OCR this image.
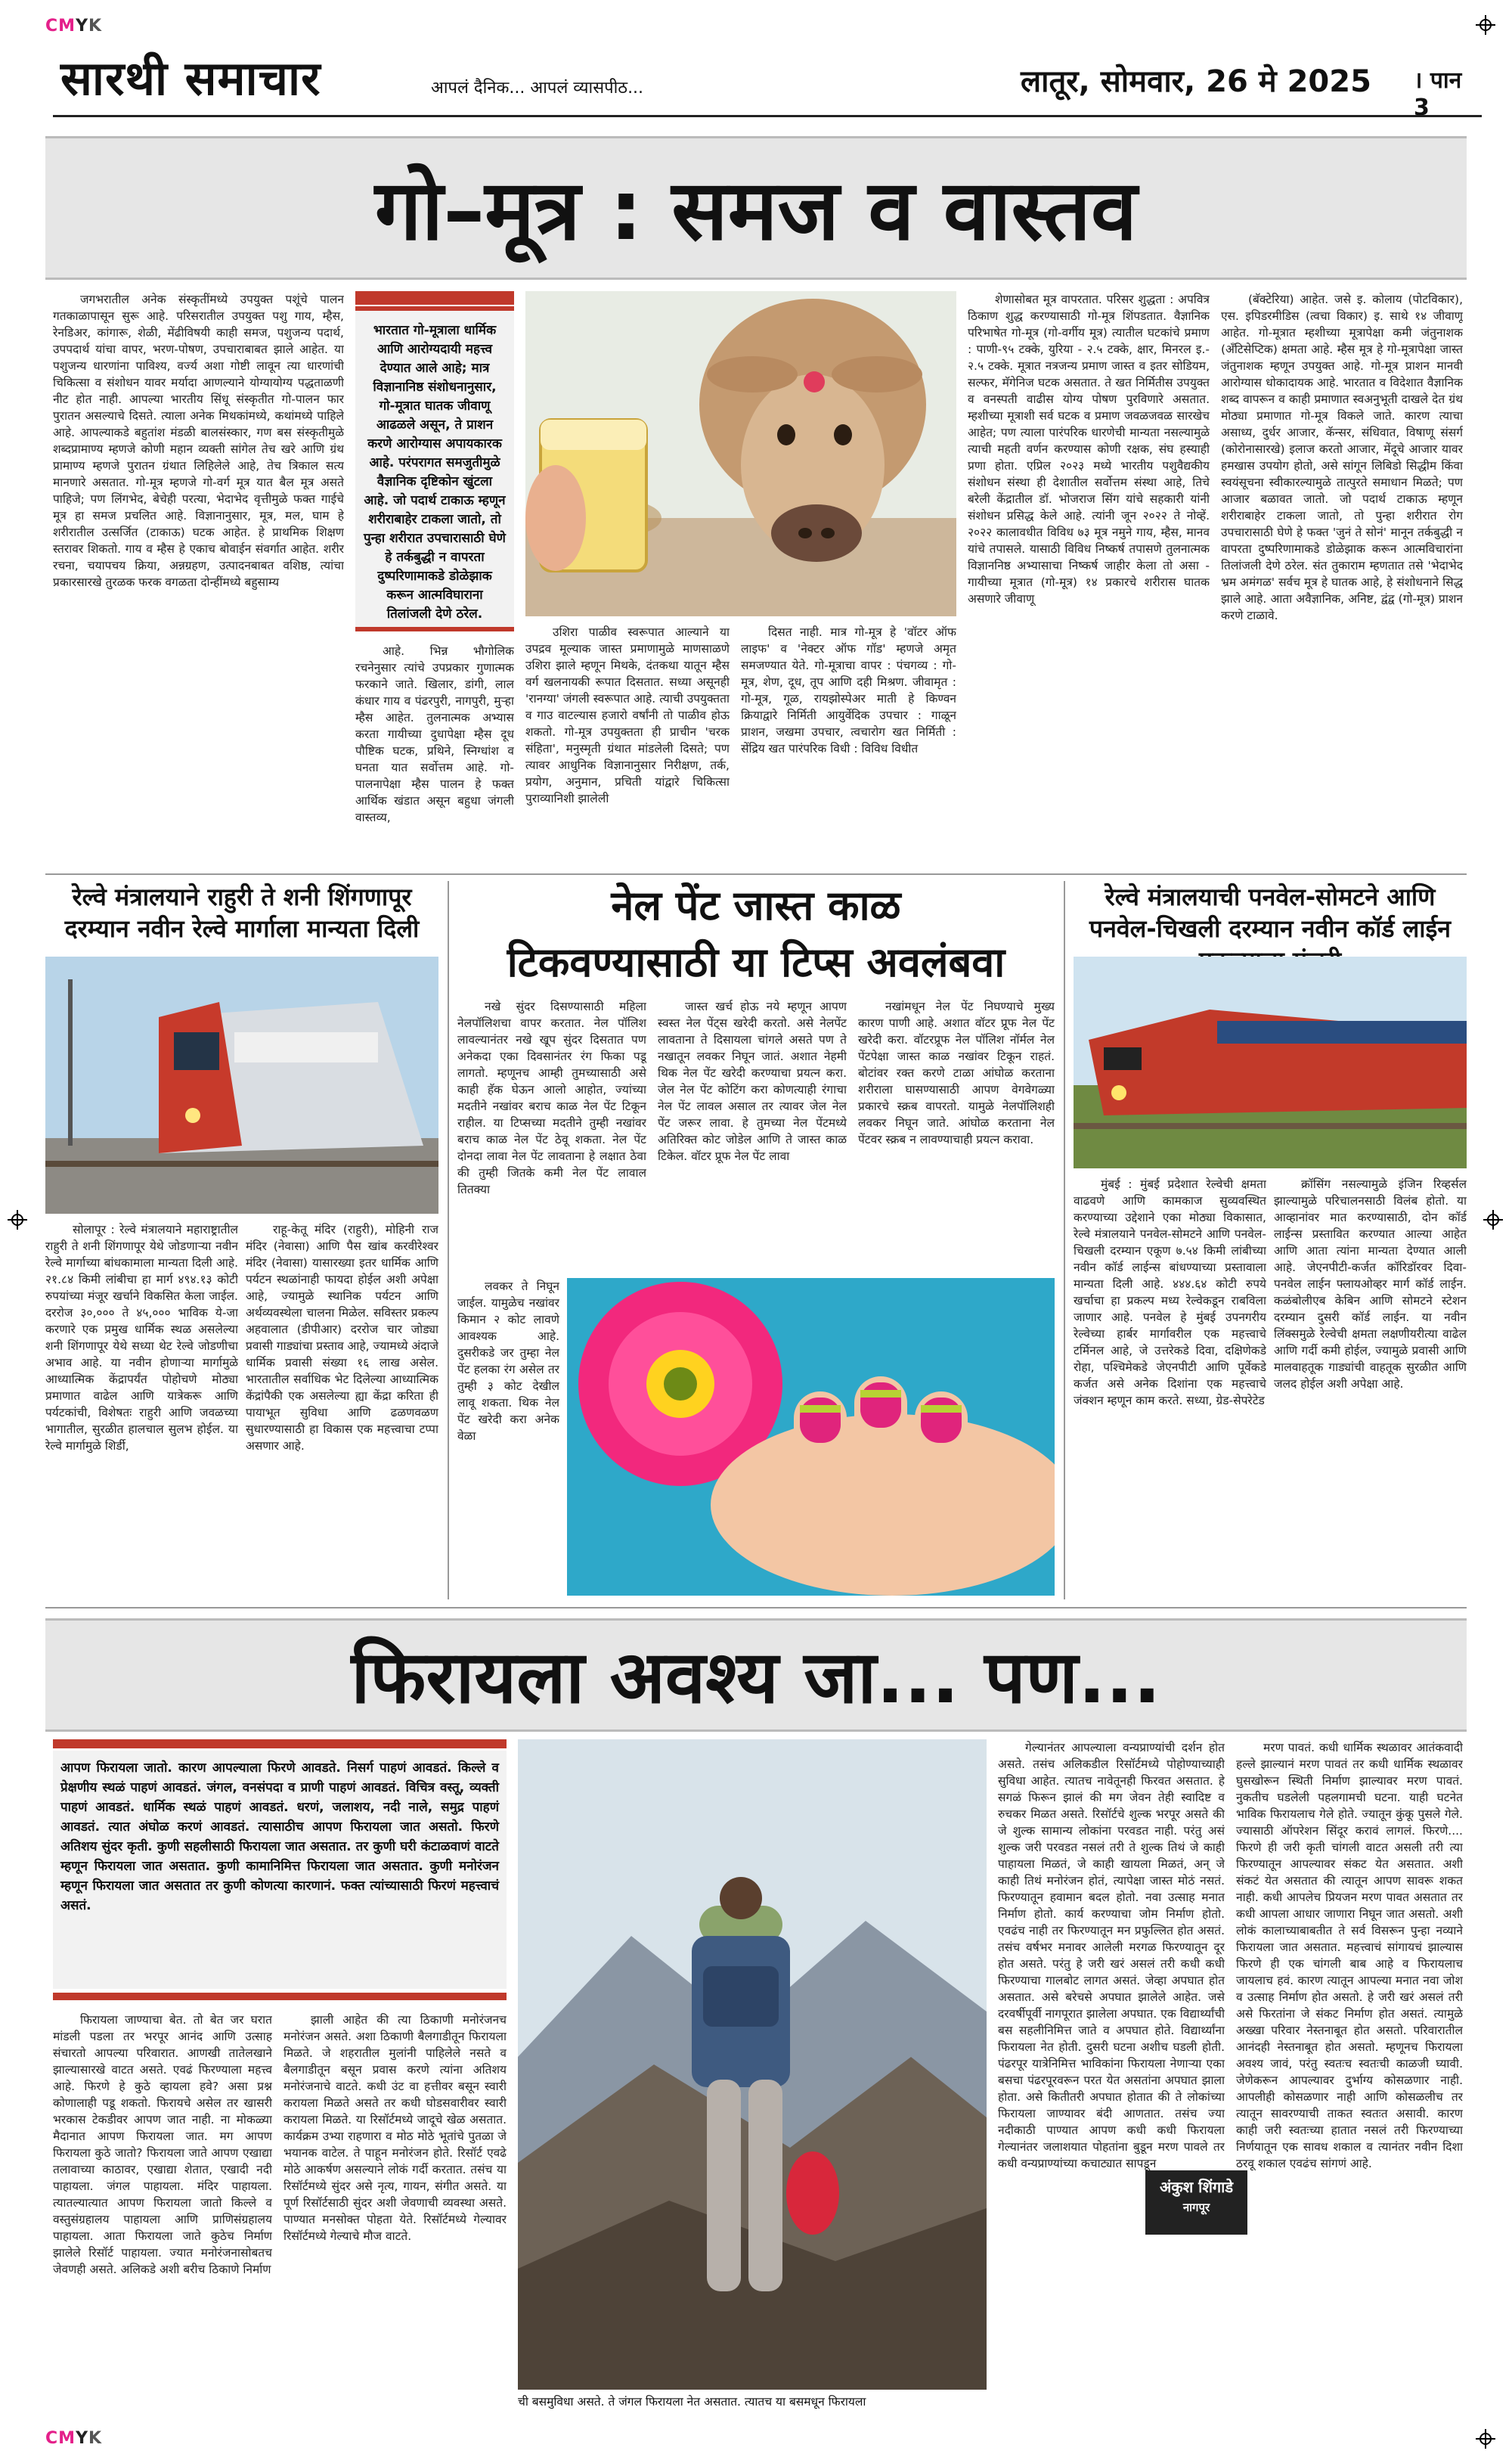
CMYK
CMYK
सारथी समाचार	आपलं दैनिक... आपलं व्यासपीठ...	लातूर, सोमवार, 26 मे 2025 । पान 3
गो–मूत्र : समज व वास्तव

जगभरातील अनेक संस्कृतींमध्ये उपयुक्त पशूंचे पालन गतकाळापासून सुरू आहे. परिसरातील उपयुक्त पशु गाय, म्हैस, रेनडिअर, कांगारू, शेळी, मेंढीविषयी काही समज, पशुजन्य पदार्थ, उपपदार्थ यांचा वापर, भरण-पोषण, उपचाराबाबत झाले आहेत. या पशुजन्य धारणांना पाविश्य, वर्ज्य अशा गोष्टी लावून त्या धारणांची चिकित्सा व संशोधन यावर मर्यादा आणल्याने योग्यायोग्य पद्धताळणी नीट होत नाही. आपल्या भारतीय सिंधू संस्कृतीत गो-पालन फार पुरातन असल्याचे दिसते. त्याला अनेक मिथकांमध्ये, कथांमध्ये पाहिले आहे. आपल्याकडे बहुतांश मंडळी बालसंस्कार, गण बस संस्कृतीमुळे शब्दप्रामाण्य म्हणजे कोणी महान व्यक्ती सांगेल तेच खरे आणि ग्रंथ प्रामाण्य म्हणजे पुरातन ग्रंथात लिहिलेले आहे, तेच त्रिकाल सत्य मानणारे असतात. गो-मूत्र म्हणजे गो-वर्ग मूत्र यात बैल मूत्र असते पाहिजे; पण लिंगभेद, बेचेही परत्या, भेदाभेद वृत्तीमुळे फक्त गाईचे मूत्र हा समज प्रचलित आहे. विज्ञानानुसार, मूत्र, मल, घाम हे शरीरातील उत्सर्जित (टाकाऊ) घटक आहेत. हे प्राथमिक शिक्षण स्तरावर शिकतो. गाय व म्हैस हे एकाच बोवाईन संवर्गात आहेत. शरीर रचना, चयापचय क्रिया, अन्नग्रहण, उत्पादनबाबत वशिष्ठ, त्यांचा प्रकारसारखे तुरळक फरक वगळता दोन्हींमध्ये बहुसाम्य

भारतात गो-मूत्राला धार्मिक आणि आरोग्यदायी महत्त्व देण्यात आले आहे; मात्र विज्ञानानिष्ठ संशोधनानुसार, गो-मूत्रात घातक जीवाणू आढळले असून, ते प्राशन करणे आरोग्यास अपायकारक आहे. परंपरागत समजुतीमुळे वैज्ञानिक दृष्टिकोन खुंटला आहे. जो पदार्थ टाकाऊ म्हणून शरीराबाहेर टाकला जातो, तो पुन्हा शरीरात उपचारासाठी घेणे हे तर्कबुद्धी न वापरता दुष्परिणामाकडे डोळेझाक करून आत्मविघाराना तिलांजली देणे ठरेल.

आहे. भिन्न भौगोलिक रचनेनुसार त्यांचे उपप्रकार गुणात्मक फरकाने जाते. खिलार, डांगी, लाल कंधार गाय व पंढरपुरी, नागपुरी, मुऱ्हा म्हैस आहेत. तुलनात्मक अभ्यास करता गायीच्या दुधापेक्षा म्हैस दूध पौष्टिक घटक, प्रथिने, स्निग्धांश व घनता यात सर्वोत्तम आहे. गो-पालनापेक्षा म्हैस पालन हे फक्त आर्थिक खंडात असून बहुधा जंगली वास्तव्य,

उशिरा पाळीव स्वरूपात आल्याने या उपद्रव मूल्याक जास्त प्रमाणामुळे माणसाळणे उशिरा झाले म्हणून मिथके, दंतकथा यातून म्हैस वर्ग खलनायकी रूपात दिसतात. सध्या असूनही 'रानग्या' जंगली स्वरूपात आहे. त्याची उपयुक्तता व गाउ वाटल्यास हजारो वर्षांनी तो पाळीव होऊ शकतो. गो-मूत्र उपयुक्तता ही प्राचीन 'चरक संहिता', मनुस्मृती ग्रंथात मांडलेली दिसते; पण त्यावर आधुनिक विज्ञानानुसार निरीक्षण, तर्क, प्रयोग, अनुमान, प्रचिती यांद्वारे चिकित्सा पुराव्यानिशी झालेली

दिसत नाही. मात्र गो-मूत्र हे 'वॉटर ऑफ लाइफ' व 'नेक्टर ऑफ गॉड' म्हणजे अमृत समजण्यात येते. गो-मूत्राचा वापर : पंचगव्य : गो-मूत्र, शेण, दूध, तूप आणि दही मिश्रण. जीवामृत : गो-मूत्र, गूळ, रायझोस्पेअर माती हे किण्वन क्रियाद्वारे निर्मिती आयुर्वेदिक उपचार : गाळून प्राशन, जखमा उपचार, त्वचारोग खत निर्मिती : सेंद्रिय खत पारंपरिक विधी : विविध विधीत

शेणासोबत मूत्र वापरतात. परिसर शुद्धता : अपवित्र ठिकाण शुद्ध करण्यासाठी गो-मूत्र शिंपडतात. वैज्ञानिक परिभाषेत गो-मूत्र (गो-वर्गीय मूत्र) त्यातील घटकांचे प्रमाण : पाणी-९५ टक्के, युरिया - २.५ टक्के, क्षार, मिनरल इ.- २.५ टक्के. मूत्रात नत्रजन्य प्रमाण जास्त व इतर सोडियम, सल्फर, मॅगेनिज घटक असतात. ते खत निर्मितीस उपयुक्त व वनस्पती वाढीस योग्य पोषण पुरविणारे असतात. म्हशीच्या मूत्राशी सर्व घटक व प्रमाण जवळजवळ सारखेच आहेत; पण त्याला पारंपरिक धारणेची मान्यता नसल्यामुळे त्याची महती वर्णन करण्यास कोणी रक्षक, संघ हस्याही प्रणा होता. एप्रिल २०२३ मध्ये भारतीय पशुवैद्यकीय संशोधन संस्था ही देशातील सर्वोत्तम संस्था आहे, तिचे बरेली केंद्रातील डॉ. भोजराज सिंग यांचे सहकारी यांनी संशोधन प्रसिद्ध केले आहे. त्यांनी जून २०२२ ते नोव्हें. २०२२ कालावधीत विविध ७३ मूत्र नमुने गाय, म्हैस, मानव यांचे तपासले. यासाठी विविध निष्कर्ष तपासणे तुलनात्मक विज्ञाननिष्ठ अभ्यासाचा निष्कर्ष जाहीर केला तो असा - गायीच्या मूत्रात (गो-मूत्र) १४ प्रकारचे शरीरास घातक असणारे जीवाणू

(बॅक्टेरिया) आहेत. जसे इ. कोलाय (पोटविकार), एस. इपिडरमीडिस (त्वचा विकार) इ. साथे १४ जीवाणू आहेत. गो-मूत्रात म्हशीच्या मूत्रापेक्षा कमी जंतुनाशक (अँटिसेप्टिक) क्षमता आहे. म्हैस मूत्र हे गो-मूत्रापेक्षा जास्त जंतुनाशक म्हणून उपयुक्त आहे. गो-मूत्र प्राशन मानवी आरोग्यास धोकादायक आहे. भारतात व विदेशात वैज्ञानिक शब्द वापरून व काही प्रमाणात स्वअनुभूती दाखले देत ग्रंथ मोठ्या प्रमाणात गो-मूत्र विकले जाते. कारण त्याचा असाध्य, दुर्धर आजार, कॅन्सर, संधिवात, विषाणू संसर्ग (कोरोनासारखे) इलाज करतो आजार, मेंदूचे आजार यावर हमखास उपयोग होतो, असे सांगून लिबिडो सिद्धीम किंवा स्वयंसूचना स्वीकारल्यामुळे तात्पुरते समाधान मिळते; पण आजार बळावत जातो. जो पदार्थ टाकाऊ म्हणून शरीराबाहेर टाकला जातो, तो पुन्हा शरीरात रोग उपचारासाठी घेणे हे फक्त 'जुनं ते सोनं' मानून तर्कबुद्धी न वापरता दुष्परिणामाकडे डोळेझाक करून आत्मविचारांना तिलांजली देणे ठरेल. संत तुकाराम म्हणतात तसे 'भेदाभेद भ्रम अमंगळ' सर्वच मूत्र हे घातक आहे, हे संशोधनाने सिद्ध झाले आहे. आता अवैज्ञानिक, अनिष्ट, द्वंद्व (गो-मूत्र) प्राशन करणे टाळावे.

रेल्वे मंत्रालयाने राहुरी ते शनी शिंगणापूर दरम्यान नवीन रेल्वे मार्गाला मान्यता दिली

सोलापूर : रेल्वे मंत्रालयाने महाराष्ट्रातील राहुरी ते शनी शिंगणापूर येथे जोडणाऱ्या नवीन रेल्वे मार्गाच्या बांधकामाला मान्यता दिली आहे. २१.८४ किमी लांबीचा हा मार्ग ४९४.१३ कोटी रुपयांच्या मंजूर खर्चाने विकसित केला जाईल. दररोज ३०,००० ते ४५,००० भाविक ये-जा करणारे एक प्रमुख धार्मिक स्थळ असलेल्या शनी शिंगणापूर येथे सध्या थेट रेल्वे जोडणीचा अभाव आहे. या नवीन होणाऱ्या मार्गामुळे आध्यात्मिक केंद्रापर्यंत पोहोचणे मोठ्या प्रमाणात वाढेल आणि यात्रेकरू आणि पर्यटकांची, विशेषतः राहुरी आणि जवळच्या भागातील, सुरळीत हालचाल सुलभ होईल. या रेल्वे मार्गामुळे शिर्डी,

राहू-केतू मंदिर (राहुरी), मोहिनी राज मंदिर (नेवासा) आणि पैस खांब करवीरेश्वर मंदिर (नेवासा) यासारख्या इतर धार्मिक आणि पर्यटन स्थळांनाही फायदा होईल अशी अपेक्षा आहे, ज्यामुळे स्थानिक पर्यटन आणि अर्थव्यवस्थेला चालना मिळेल. सविस्तर प्रकल्प अहवालात (डीपीआर) दररोज चार जोड्या प्रवासी गाड्यांचा प्रस्ताव आहे, ज्यामध्ये अंदाजे धार्मिक प्रवासी संख्या १६ लाख असेल. भारतातील सर्वाधिक भेट दिलेल्या आध्यात्मिक केंद्रांपैकी एक असलेल्या ह्या केंद्रा करिता ही पायाभूत सुविधा आणि ढळणवळण सुधारण्यासाठी हा विकास एक महत्त्वाचा टप्पा असणार आहे.

नेल पेंट जास्त काळ
टिकवण्यासाठी या टिप्स अवलंबवा

नखे सुंदर दिसण्यासाठी महिला नेलपॉलिशचा वापर करतात. नेल पॉलिश लावल्यानंतर नखे खूप सुंदर दिसतात पण अनेकदा एका दिवसानंतर रंग फिका पडू लागतो. म्हणूनच आम्ही तुमच्यासाठी असे काही हॅक घेऊन आलो आहोत, ज्यांच्या मदतीने नखांवर बराच काळ नेल पेंट टिकून राहील. या टिप्सच्या मदतीने तुम्ही नखांवर बराच काळ नेल पेंट ठेवू शकता. नेल पेंट दोनदा लावा नेल पेंट लावताना हे लक्षात ठेवा की तुम्ही जितके कमी नेल पेंट लावाल तितक्या

जास्त खर्च होऊ नये म्हणून आपण स्वस्त नेल पेंट्स खरेदी करतो. असे नेलपेंट लावताना ते दिसायला चांगले असते पण ते नखातून लवकर निघून जातं. अशात नेहमी थिक नेल पेंट खरेदी करण्याचा प्रयत्न करा. जेल नेल पेंट कोटिंग करा कोणत्याही रंगाचा नेल पेंट लावल असाल तर त्यावर जेल नेल पेंट जरूर लावा. हे तुमच्या नेल पेंटमध्ये अतिरिक्त कोट जोडेल आणि ते जास्त काळ टिकेल. वॉटर प्रूफ नेल पेंट लावा

नखांमधून नेल पेंट निघण्याचे मुख्य कारण पाणी आहे. अशात वॉटर प्रूफ नेल पेंट खरेदी करा. वॉटरप्रूफ नेल पॉलिश नॉर्मल नेल पेंटपेक्षा जास्त काळ नखांवर टिकून राहतं. बोटांवर रक्त करणे टाळा आंघोळ करताना शरीराला घासण्यासाठी आपण वेगवेगळ्या प्रकारचे स्क्रब वापरतो. यामुळे नेलपॉलिशही लवकर निघून जाते. आंघोळ करताना नेल पेंटवर स्क्रब न लावण्याचाही प्रयत्न करावा.

लवकर ते निघून जाईल. यामुळेच नखांवर किमान २ कोट लावणे आवश्यक आहे. दुसरीकडे जर तुम्हा नेल पेंट हलका रंग असेल तर तुम्ही ३ कोट देखील लावू शकता. थिक नेल पेंट खरेदी करा अनेक वेळा

रेल्वे मंत्रालयाची पनवेल-सोमटने आणि पनवेल-चिखली दरम्यान नवीन कॉर्ड लाईन

मुंबई : मुंबई प्रदेशात रेल्वेची क्षमता वाढवणे आणि कामकाज सुव्यवस्थित करण्याच्या उद्देशाने एका मोठ्या विकासात, रेल्वे मंत्रालयाने पनवेल-सोमटने आणि पनवेल-चिखली दरम्यान एकूण ७.५४ किमी लांबीच्या नवीन कॉर्ड लाईन्स बांधण्याच्या प्रस्तावाला मान्यता दिली आहे. ४४४.६४ कोटी रुपये खर्चाचा हा प्रकल्प मध्य रेल्वेकडून राबविला जाणार आहे. पनवेल हे मुंबई उपनगरीय रेल्वेच्या हार्बर मार्गावरील एक महत्त्वाचे टर्मिनल आहे, जे उत्तरेकडे दिवा, दक्षिणेकडे रोहा, पश्चिमेकडे जेएनपीटी आणि पूर्वेकडे कर्जत असे अनेक दिशांना एक महत्त्वाचे जंक्शन म्हणून काम करते. सध्या, ग्रेड-सेपरेटेड

क्रॉसिंग नसल्यामुळे इंजिन रिव्हर्सल झाल्यामुळे परिचालनसाठी विलंब होतो. या आव्हानांवर मात करण्यासाठी, दोन कॉर्ड लाईन्स प्रस्तावित करण्यात आल्या आहेत आणि आता त्यांना मान्यता देण्यात आली आहे. जेएनपीटी-कर्जत कॉरिडॉरवर दिवा-पनवेल लाईन फ्लायओव्हर मार्ग कॉर्ड लाईन. कळंबोलीएब केबिन आणि सोमटने स्टेशन दरम्यान दुसरी कॉर्ड लाईन. या नवीन लिंक्समुळे रेल्वेची क्षमता लक्षणीयरीत्या वाढेल आणि गर्दी कमी होईल, ज्यामुळे प्रवासी आणि मालवाहतूक गाड्यांची वाहतूक सुरळीत आणि जलद होईल अशी अपेक्षा आहे.

फिरायला अवश्य जा... पण...
आपण फिरायला जातो. कारण आपल्याला फिरणे आवडते. निसर्ग पाहणं आवडतं. किल्ले व प्रेक्षणीय स्थळं पाहणं आवडतं. जंगल, वनसंपदा व प्राणी पाहणं आवडतं. विचित्र वस्तू, व्यक्ती पाहणं आवडतं. धार्मिक स्थळं पाहणं आवडतं. धरणं, जलाशय, नदी नाले, समुद्र पाहणं आवडतं. त्यात अंघोळ करणं आवडतं. त्यासाठीच आपण फिरायला जात असतो. फिरणे अतिशय सुंदर कृती. कुणी सहलीसाठी फिरायला जात असतात. तर कुणी घरी कंटाळवाणं वाटते म्हणून फिरायला जात असतात. कुणी कामानिमित्त फिरायला जात असतात. कुणी मनोरंजन म्हणून फिरायला जात असतात तर कुणी कोणत्या कारणानं. फक्त त्यांच्यासाठी फिरणं महत्त्वाचं असतं.

फिरायला जाण्याचा बेत. तो बेत जर घरात मांडली पडला तर भरपूर आनंद आणि उत्साह संचारतो आपल्या परिवारात. आणखी तातेलखाने झाल्यासारखे वाटत असते. एवढं फिरण्याला महत्त्व आहे. फिरणे हे कुठे व्हायला हवे? असा प्रश्न कोणालाही पडू शकतो. फिरायचे असेल तर खासरी भरकास टेकडीवर आपण जात नाही. ना मोकळ्या मैदानात आपण फिरायला जात. मग आपण फिरायला कुठे जातो? फिरायला जाते आपण एखाद्या तलावाच्या काठावर, एखाद्या शेतात, एखादी नदी पाहायला. जंगल पाहायला. मंदिर पाहायला. त्यातल्यात्यात आपण फिरायला जातो किल्ले व वस्तुसंग्रहालय पाहायला आणि प्राणिसंग्रहालय पाहायला. आता फिरायला जाते कुठेच निर्माण झालेले रिसॉर्ट पाहायला. ज्यात मनोरंजनासोबतच जेवणही असते. अलिकडे अशी बरीच ठिकाणे निर्माण

झाली आहेत की त्या ठिकाणी मनोरंजनच मनोरंजन असते. अशा ठिकाणी बैलगाडीतून फिरायला मिळते. जे शहरातील मुलांनी पाहिलेले नसते व बैलगाडीतून बसून प्रवास करणे त्यांना अतिशय मनोरंजनाचे वाटते. कधी उंट वा हत्तीवर बसून स्वारी करायला मिळते असते तर कधी घोडसवारीवर स्वारी करायला मिळते. या रिसॉर्टमध्ये जादूचे खेळ असतात. कार्यक्रम उभ्या राहणारा व मोठ मोठे भूतांचे पुतळा जे भयानक वाटेल. ते पाहून मनोरंजन होते. रिसॉर्ट एवढे मोठे आकर्षण असल्याने लोकं गर्दी करतात. तसंच या रिसॉर्टमध्ये सुंदर असे नृत्य, गायन, संगीत असते. या पूर्ण रिसॉर्टसाठी सुंदर अशी जेवणाची व्यवस्था असते. पाण्यात मनसोक्त पोहता येते. रिसॉर्टमध्ये गेल्यावर रिसॉर्टमध्ये गेल्याचे मौज वाटते.

ची बसमुविधा असते. ते जंगल फिरायला नेत असतात. त्यातच या बसमधून फिरायला

गेल्यानंतर आपल्याला वन्यप्राण्यांची दर्शन होत असते. तसंच अलिकडील रिसॉर्टमध्ये पोहोण्याच्याही सुविधा आहेत. त्यातच नावेतूनही फिरवत असतात. हे सगळं फिरून झालं की मग जेवन तेही स्वादिष्ट व रुचकर मिळत असते. रिसॉर्टचे शुल्क भरपूर असते की जे शुल्क सामान्य लोकांना परवडत नाही. परंतु असं शुल्क जरी परवडत नसलं तरी ते शुल्क तिथं जे काही पाहायला मिळतं, जे काही खायला मिळतं, अन् जे काही तिथं मनोरंजन होतं, त्यापेक्षा जास्त मोठं नसतं. फिरण्यातून हवामान बदल होतो. नवा उत्साह मनात निर्माण होतो. कार्य करण्याचा जोम निर्माण होतो. एवढंच नाही तर फिरण्यातून मन प्रफुल्लित होत असतं. तसंच वर्षभर मनावर आलेली मरगळ फिरण्यातून दूर होत असते. परंतु हे जरी खरं असलं तरी कधी कधी फिरण्याचा गालबोट लागत असतं. जेव्हा अपघात होत असतात. असे बरेचसे अपघात झालेले आहेत. जसे दरवर्षीपूर्वी नागपूरात झालेला अपघात. एक विद्यार्थ्यांची बस सहलीनिमित्त जाते व अपघात होते. विद्यार्थ्यांना फिरायला नेत होती. दुसरी घटना अशीच घडली होती. पंढरपूर यात्रेनिमित्त भाविकांना फिरायला नेणाऱ्या एका बसचा पंढरपूरवरून परत येत असतांना अपघात झाला होता. असे कितीतरी अपघात होतात की ते लोकांच्या फिरायला जाण्यावर बंदी आणतात. तसंच ज्या नदीकाठी पाण्यात आपण कधी कधी फिरायला गेल्यानंतर जलाशयात पोहतांना बुडून मरण पावले तर कधी वन्यप्राण्यांच्या कचाट्यात सापडून

अंकुश शिंगाडे
नागपूर

मरण पावतं. कधी धार्मिक स्थळावर आतंकवादी हल्ले झाल्यानं मरण पावतं तर कधी धार्मिक स्थळावर घुसखोरून स्थिती निर्माण झाल्यावर मरण पावतं. नुकतीच घडलेली पहलगामची घटना. याही घटनेत भाविक फिरायलाच गेले होते. ज्यातून कुंकू पुसले गेले. ज्यासाठी ऑपरेशन सिंदूर करावं लागलं. फिरणे.... फिरणे ही जरी कृती चांगली वाटत असली तरी त्या फिरण्यातून आपल्यावर संकट येत असतात. अशी संकटं येत असतात की त्यातून आपण सावरू शकत नाही. कधी आपलेच प्रियजन मरण पावत असतात तर कधी आपला आधार जाणारा निघून जात असतो. अशी लोकं कालाच्याबाबतीत ते सर्व विसरून पुन्हा नव्याने फिरायला जात असतात. महत्त्वाचं सांगायचं झाल्यास फिरणे ही एक चांगली बाब आहे व फिरायलाच जायलाच हवं. कारण त्यातून आपल्या मनात नवा जोश व उत्साह निर्माण होत असतो. हे जरी खरं असलं तरी असे फिरतांना जे संकट निर्माण होत असतं. त्यामुळे अख्खा परिवार नेस्तनाबूत होत असतो. परिवारातील आनंदही नेस्तनाबूत होत असतो. म्हणूनच फिरायला अवश्य जावं, परंतु स्वतःच स्वतःची काळजी घ्यावी. जेणेकरून आपल्यावर दुर्भाग्य कोसळणार नाही. आपलीही कोसळणार नाही आणि कोसळलीच तर त्यातून सावरण्याची ताकत स्वतःत असावी. कारण काही जरी स्वतःच्या हातात नसलं तरी फिरण्याच्या निर्णयातून एक सावध शकाल व त्यानंतर नवीन दिशा ठरवू शकाल एवढंच सांगणं आहे.
